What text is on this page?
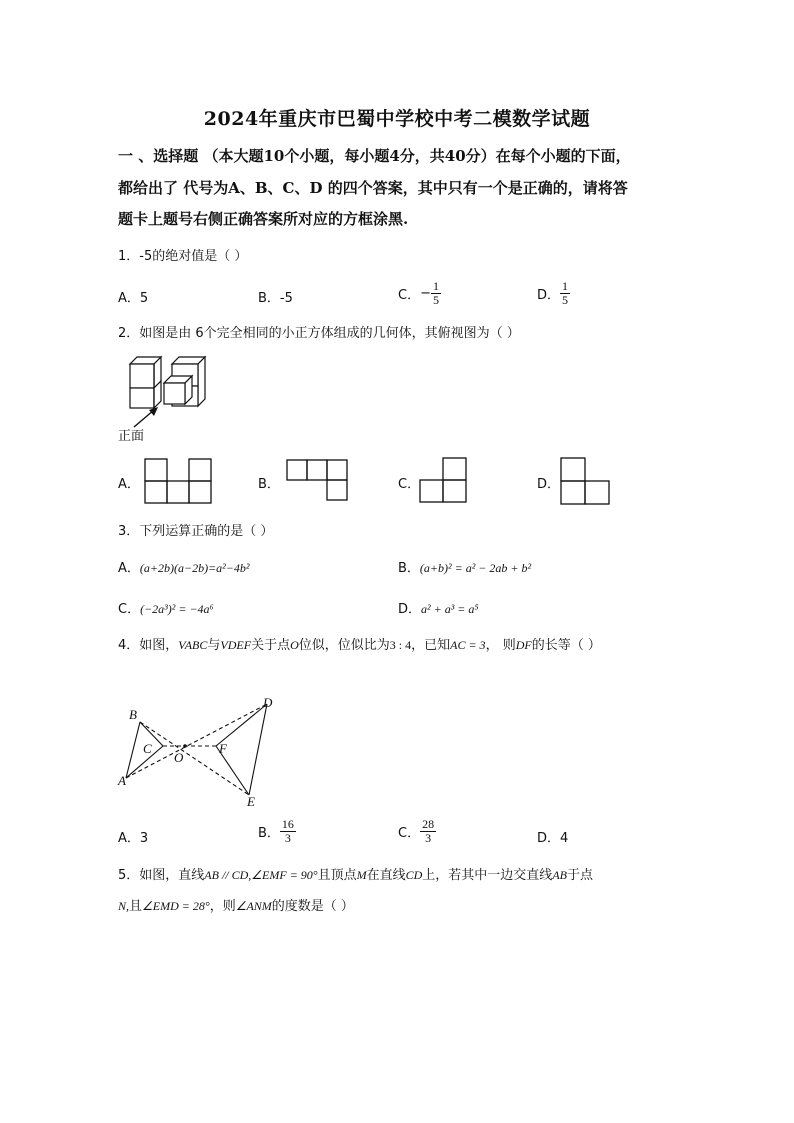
2024年重庆市巴蜀中学校中考二模数学试题
一 、选择题 （本大题10个小题，每小题4分，共40分）在每个小题的下面，
都给出了 代号为A、B、C、D 的四个答案，其中只有一个是正确的，请将答
题卡上题号右侧正确答案所对应的方框涂黑.
1．-5的绝对值是（ ）
A．5	B．-5	C．− $\frac{1}{5}$	D． $\frac{1}{5}$
2．如图是由 6个完全相同的小正方体组成的几何体，其俯视图为（ ）
正面
A．	B．	C．	D．
3．下列运算正确的是（ ）
A．(a+2b)(a−2b)=a²−4b²	B．(a+b)² = a² − 2ab + b²
C．(−2a³)² = −4a⁶	D．a² + a³ = a⁵
4．如图，VABC与VDEF关于点O位似，位似比为3 : 4，已知AC = 3， 则DF的长等（ ）
A
B
C
O
D
E
F
A．3	B． $\frac{16}{3}$	C． $\frac{28}{3}$	D．4
5．如图，直线AB // CD,∠EMF = 90°且顶点M在直线CD上，若其中一边交直线AB于点
N,且∠EMD = 28°，则∠ANM的度数是（ ）
